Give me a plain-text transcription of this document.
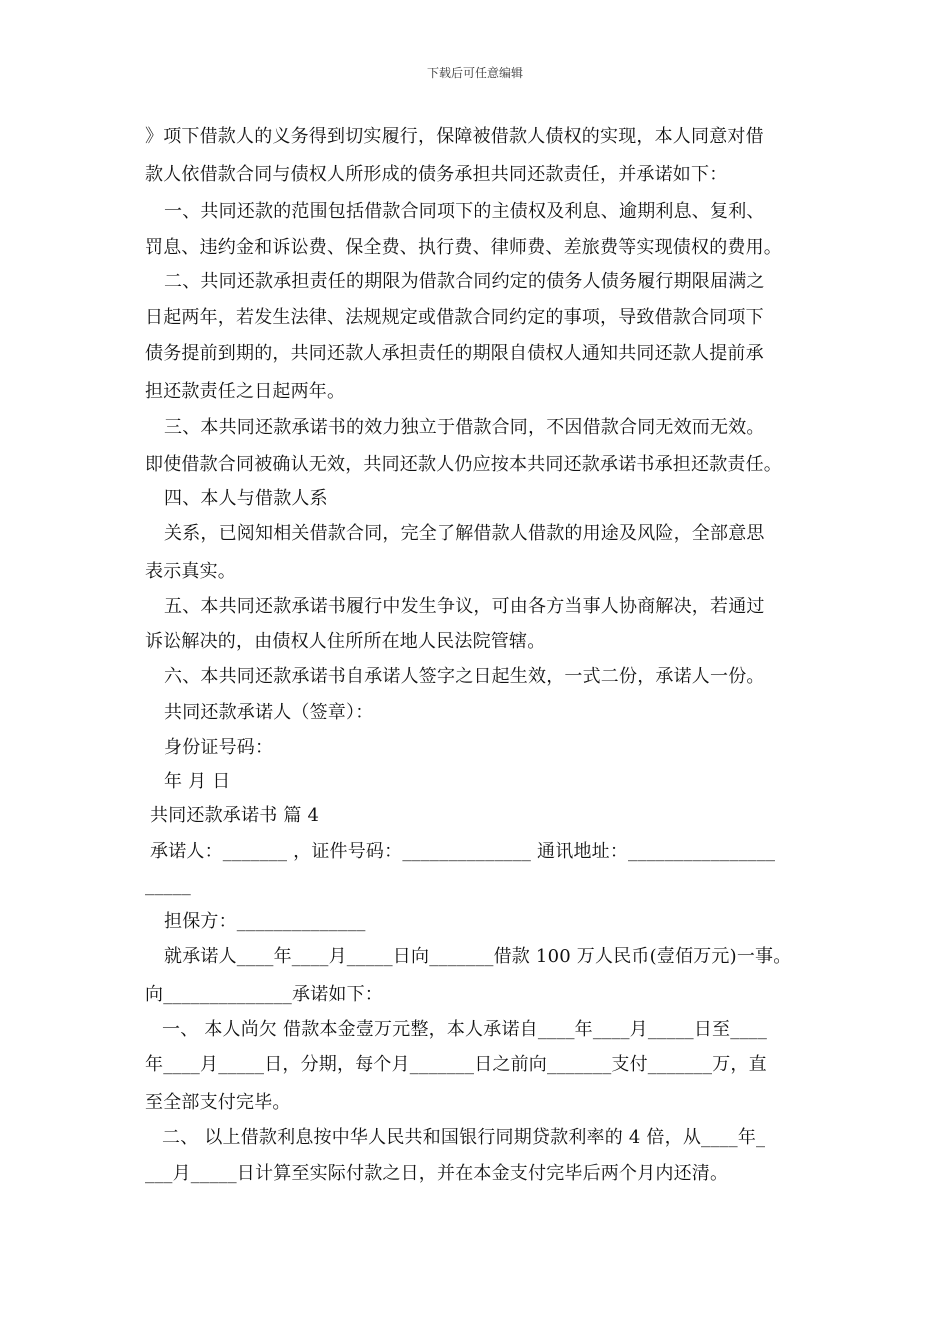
下载后可任意编辑
》项下借款人的义务得到切实履行，保障被借款人债权的实现，本人同意对借
款人依借款合同与债权人所形成的债务承担共同还款责任，并承诺如下：
一、共同还款的范围包括借款合同项下的主债权及利息、逾期利息、复利、
罚息、违约金和诉讼费、保全费、执行费、律师费、差旅费等实现债权的费用。
二、共同还款承担责任的期限为借款合同约定的债务人债务履行期限届满之
日起两年，若发生法律、法规规定或借款合同约定的事项，导致借款合同项下
债务提前到期的，共同还款人承担责任的期限自债权人通知共同还款人提前承
担还款责任之日起两年。
三、本共同还款承诺书的效力独立于借款合同，不因借款合同无效而无效。
即使借款合同被确认无效，共同还款人仍应按本共同还款承诺书承担还款责任。
四、本人与借款人系
关系，已阅知相关借款合同，完全了解借款人借款的用途及风险，全部意思
表示真实。
五、本共同还款承诺书履行中发生争议，可由各方当事人协商解决，若通过
诉讼解决的，由债权人住所所在地人民法院管辖。
六、本共同还款承诺书自承诺人签字之日起生效，一式二份，承诺人一份。
共同还款承诺人（签章）：
身份证号码：
年 月 日
共同还款承诺书 篇 4
承诺人：_______ ，证件号码：______________ 通讯地址：________________
_____
担保方：______________
就承诺人____年____月_____日向_______借款 100 万人民币(壹佰万元)一事。
向______________承诺如下：
一、 本人尚欠 借款本金壹万元整，本人承诺自____年____月_____日至____
年____月_____日，分期，每个月_______日之前向_______支付_______万，直
至全部支付完毕。
二、 以上借款利息按中华人民共和国银行同期贷款利率的 4 倍，从____年_
___月_____日计算至实际付款之日，并在本金支付完毕后两个月内还清。
